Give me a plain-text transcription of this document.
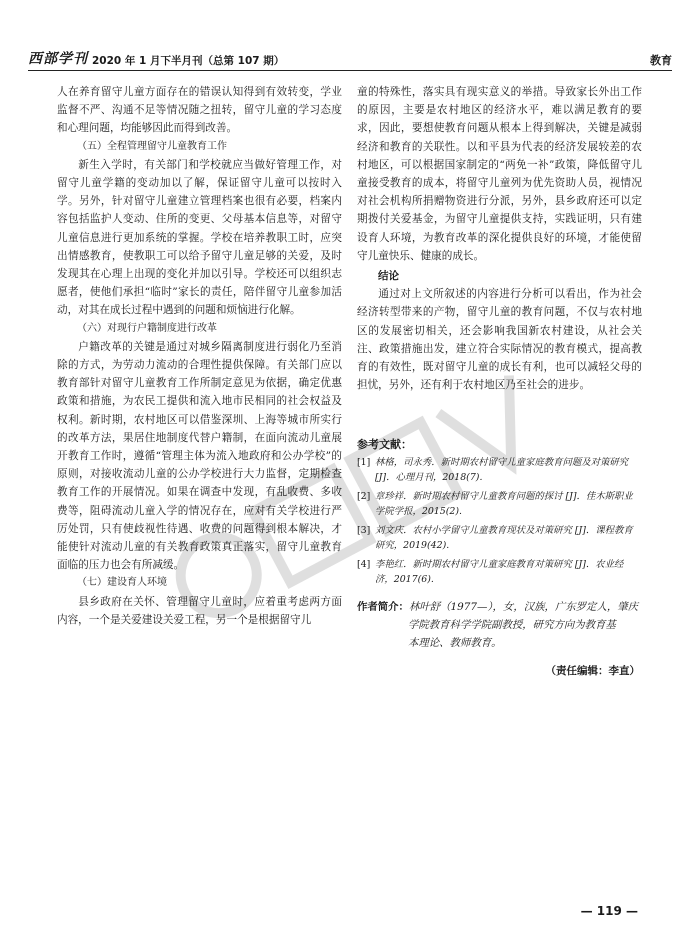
西部学刊 2020 年 1 月下半月刊（总第 107 期）	教育

人在养育留守儿童方面存在的错误认知得到有效转变，学业监督不严、沟通不足等情况随之扭转，留守儿童的学习态度和心理问题，均能够因此而得到改善。

（五）全程管理留守儿童教育工作

新生入学时，有关部门和学校就应当做好管理工作，对留守儿童学籍的变动加以了解，保证留守儿童可以按时入学。另外，针对留守儿童建立管理档案也很有必要，档案内容包括监护人变动、住所的变更、父母基本信息等，对留守儿童信息进行更加系统的掌握。学校在培养教职工时，应突出情感教育，使教职工可以给予留守儿童足够的关爱，及时发现其在心理上出现的变化并加以引导。学校还可以组织志愿者，使他们承担“临时”家长的责任，陪伴留守儿童参加活动，对其在成长过程中遇到的问题和烦恼进行化解。

（六）对现行户籍制度进行改革

户籍改革的关键是通过对城乡隔离制度进行弱化乃至消除的方式，为劳动力流动的合理性提供保障。有关部门应以教育部针对留守儿童教育工作所制定意见为依据，确定优惠政策和措施，为农民工提供和流入地市民相同的社会权益及权利。新时期，农村地区可以借鉴深圳、上海等城市所实行的改革方法，果居住地制度代替户籍制，在面向流动儿童展开教育工作时，遵循“管理主体为流入地政府和公办学校”的原则，对接收流动儿童的公办学校进行大力监督，定期检查教育工作的开展情况。如果在调查中发现，有乱收费、多收费等，阻碍流动儿童入学的情况存在，应对有关学校进行严厉处罚，只有使歧视性待遇、收费的问题得到根本解决，才能使针对流动儿童的有关教育政策真正落实，留守儿童教育面临的压力也会有所减缓。

（七）建设育人环境

县乡政府在关怀、管理留守儿童时，应着重考虑两方面内容，一个是关爱建设关爱工程，另一个是根据留守儿

童的特殊性，落实具有现实意义的举措。导致家长外出工作的原因，主要是农村地区的经济水平，难以满足教育的要求，因此，要想使教育问题从根本上得到解决，关键是减弱经济和教育的关联性。以和平县为代表的经济发展较差的农村地区，可以根据国家制定的“两免一补”政策，降低留守儿童接受教育的成本，将留守儿童列为优先资助人员，视情况对社会机构所捐赠物资进行分派，另外，县乡政府还可以定期拨付关爱基金，为留守儿童提供支持，实践证明，只有建设育人环境，为教育改革的深化提供良好的环境，才能使留守儿童快乐、健康的成长。

结论

通过对上文所叙述的内容进行分析可以看出，作为社会经济转型带来的产物，留守儿童的教育问题，不仅与农村地区的发展密切相关，还会影响我国新农村建设，从社会关注、政策措施出发，建立符合实际情况的教育模式，提高教育的有效性，既对留守儿童的成长有利，也可以减轻父母的担忧，另外，还有利于农村地区乃至社会的进步。

参考文献：
[1] 林格，司永秀．新时期农村留守儿童家庭教育问题及对策研究 [J]．心理月刊，2018(7).
[2] 章珍祥．新时期农村留守儿童教育问题的探讨 [J]．佳木斯职业学院学报，2015(2).
[3] 刘文庆．农村小学留守儿童教育现状及对策研究 [J]．课程教育研究，2019(42).
[4] 李艳红．新时期农村留守儿童家庭教育对策研究 [J]．农业经济，2017(6).
作者简介： 林叶舒（1977—），女，汉族，广东罗定人，肇庆
学院教育科学学院副教授，研究方向为教育基
本理论、教师教育。
（责任编辑：李直）
— 119 —
